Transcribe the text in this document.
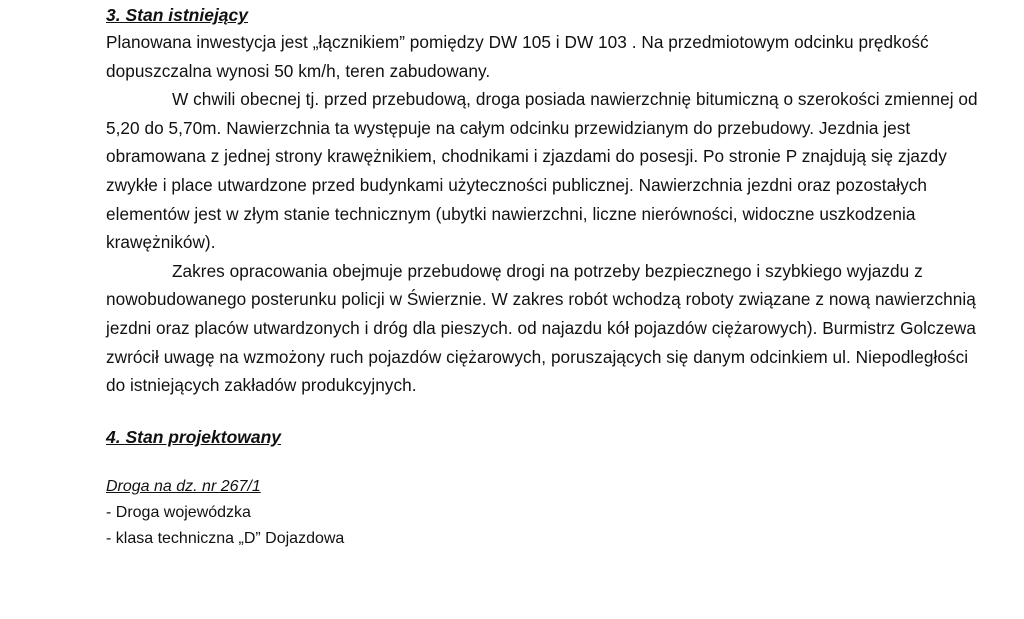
3. Stan istniejący

Planowana inwestycja jest „łącznikiem” pomiędzy DW 105 i DW 103 . Na przedmiotowym odcinku prędkość dopuszczalna wynosi 50 km/h, teren zabudowany.

W chwili obecnej tj. przed przebudową, droga posiada nawierzchnię bitumiczną o szerokości zmiennej od 5,20 do 5,70m. Nawierzchnia ta występuje na całym odcinku przewidzianym do przebudowy. Jezdnia jest obramowana z jednej strony krawężnikiem, chodnikami i zjazdami do posesji. Po stronie P znajdują się zjazdy zwykłe i place utwardzone przed budynkami użyteczności publicznej. Nawierzchnia jezdni oraz pozostałych elementów jest w złym stanie technicznym (ubytki nawierzchni, liczne nierówności, widoczne uszkodzenia krawężników).

Zakres opracowania obejmuje przebudowę drogi na potrzeby bezpiecznego i szybkiego wyjazdu z nowobudowanego posterunku policji w Świerznie. W zakres robót wchodzą roboty związane z nową nawierzchnią jezdni oraz placów utwardzonych i dróg dla pieszych. od najazdu kół pojazdów ciężarowych). Burmistrz Golczewa zwrócił uwagę na wzmożony ruch pojazdów ciężarowych, poruszających się danym odcinkiem ul. Niepodległości do istniejących zakładów produkcyjnych.

4. Stan projektowany

Droga na dz. nr 267/1

- Droga wojewódzka

- klasa techniczna „D” Dojazdowa
